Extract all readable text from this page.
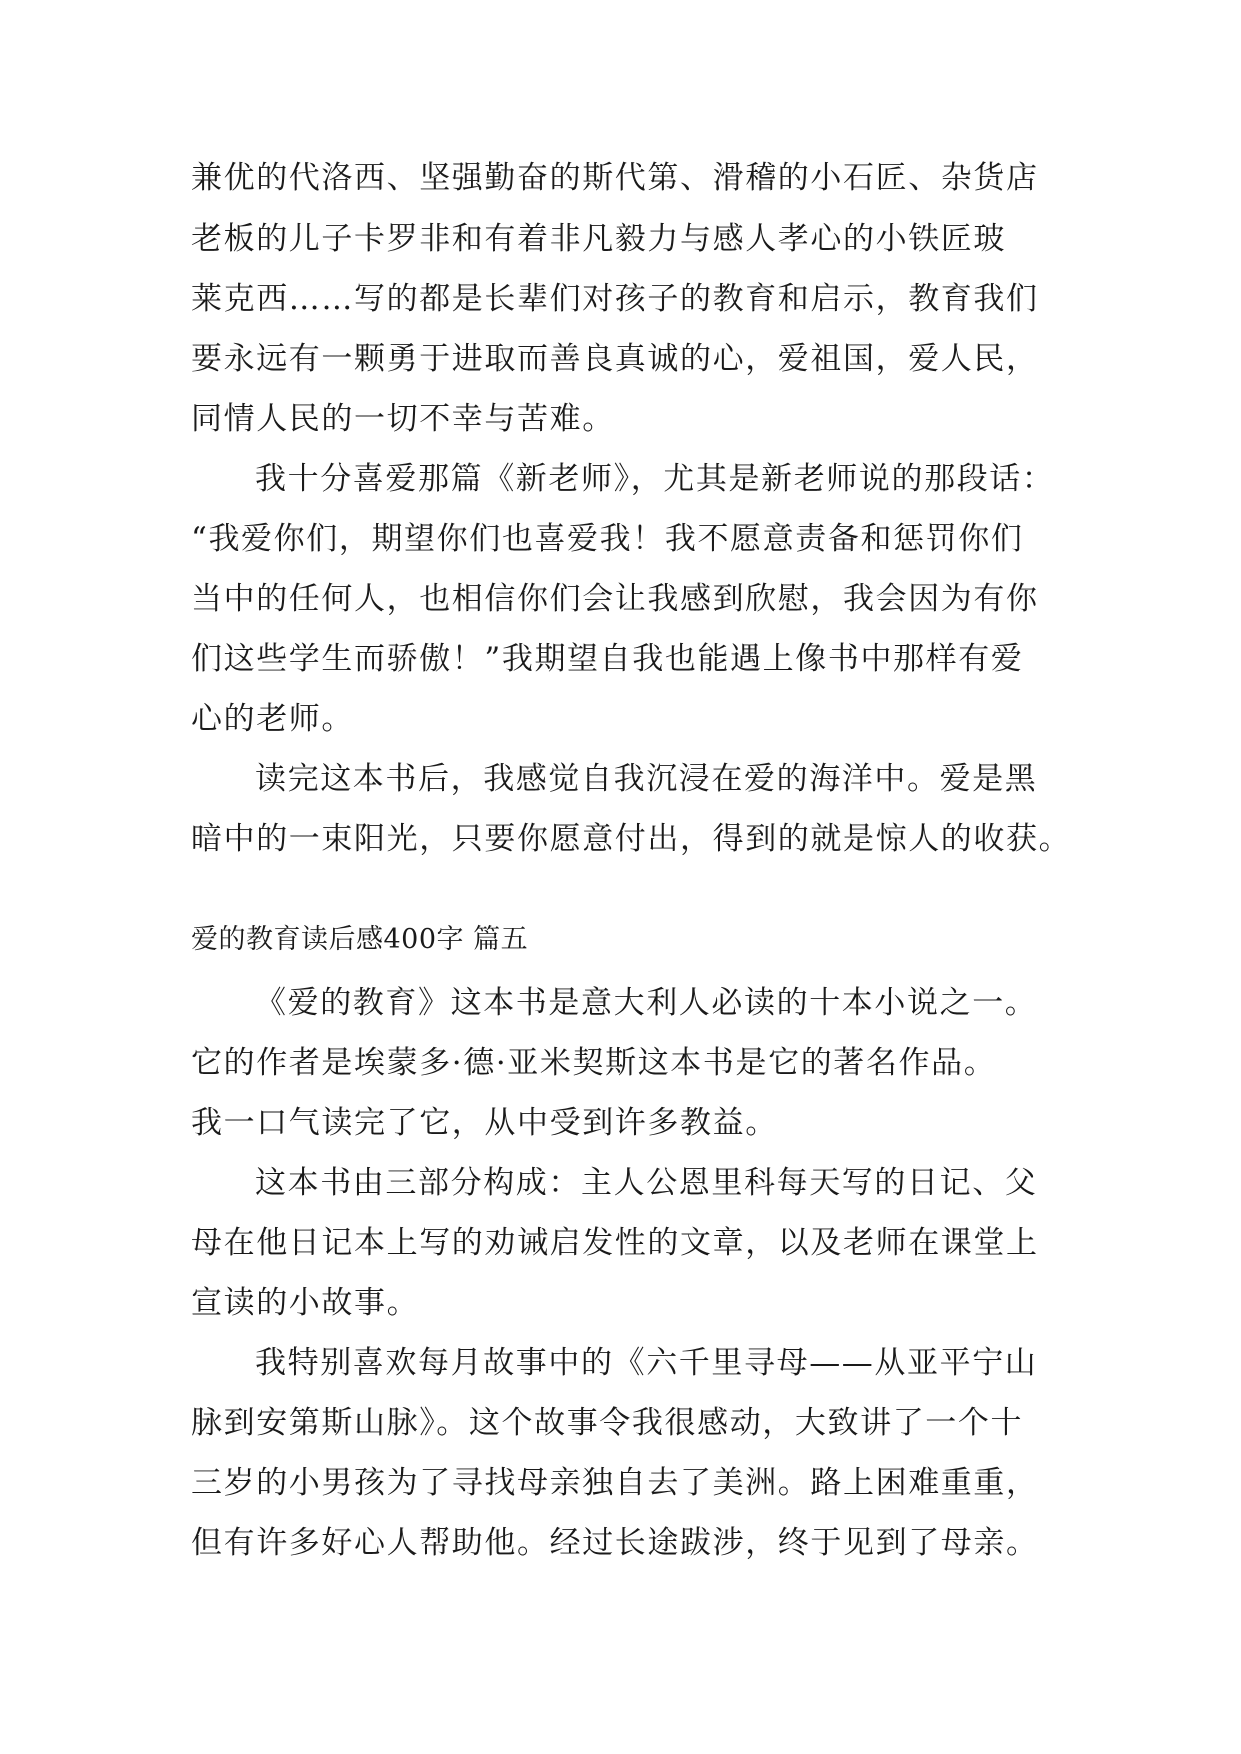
兼优的代洛西、坚强勤奋的斯代第、滑稽的小石匠、杂货店
老板的儿子卡罗非和有着非凡毅力与感人孝心的小铁匠玻
莱克西……写的都是长辈们对孩子的教育和启示，教育我们
要永远有一颗勇于进取而善良真诚的心，爱祖国，爱人民，
同情人民的一切不幸与苦难。
我十分喜爱那篇《新老师》，尤其是新老师说的那段话：
“我爱你们，期望你们也喜爱我！我不愿意责备和惩罚你们
当中的任何人，也相信你们会让我感到欣慰，我会因为有你
们这些学生而骄傲！”我期望自我也能遇上像书中那样有爱
心的老师。
读完这本书后，我感觉自我沉浸在爱的海洋中。爱是黑
暗中的一束阳光，只要你愿意付出，得到的就是惊人的收获。
爱的教育读后感400字 篇五
《爱的教育》这本书是意大利人必读的十本小说之一。
它的作者是埃蒙多·德·亚米契斯这本书是它的著名作品。
我一口气读完了它，从中受到许多教益。
这本书由三部分构成：主人公恩里科每天写的日记、父
母在他日记本上写的劝诫启发性的文章，以及老师在课堂上
宣读的小故事。
我特别喜欢每月故事中的《六千里寻母——从亚平宁山
脉到安第斯山脉》。这个故事令我很感动，大致讲了一个十
三岁的小男孩为了寻找母亲独自去了美洲。路上困难重重，
但有许多好心人帮助他。经过长途跋涉，终于见到了母亲。
